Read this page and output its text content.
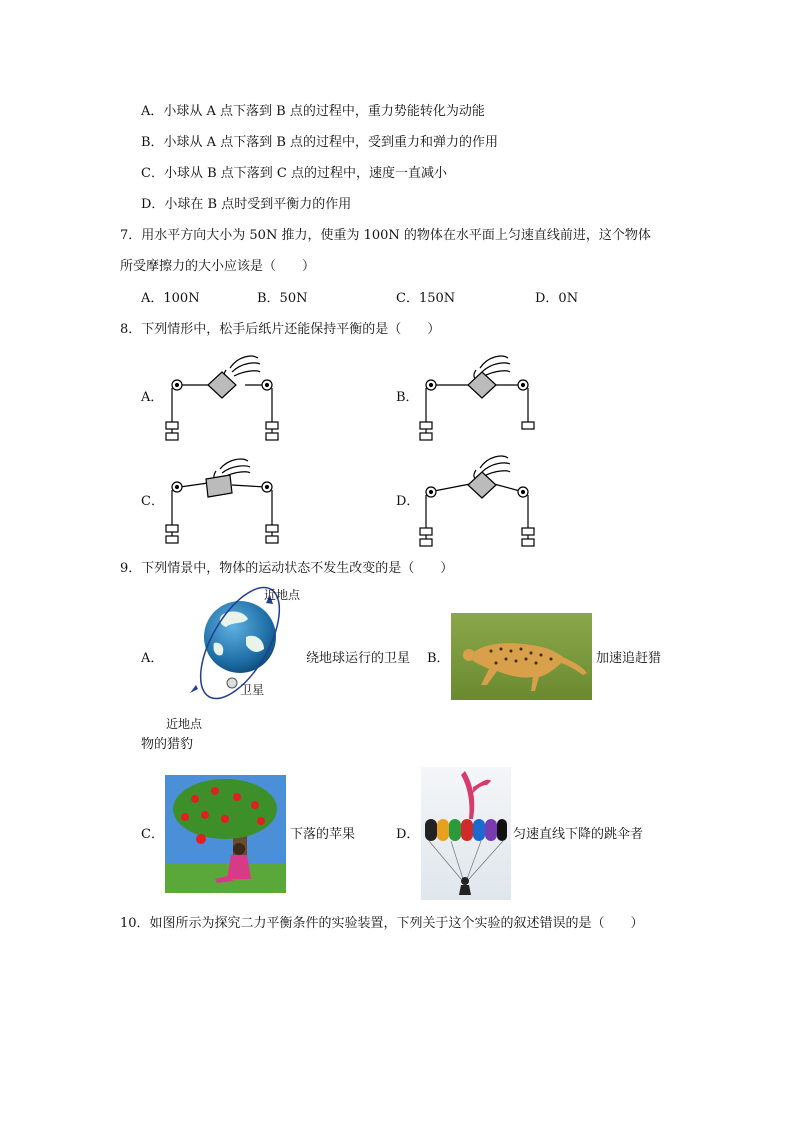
A．小球从 A 点下落到 B 点的过程中，重力势能转化为动能
B．小球从 A 点下落到 B 点的过程中，受到重力和弹力的作用
C．小球从 B 点下落到 C 点的过程中，速度一直减小
D．小球在 B 点时受到平衡力的作用
7．用水平方向大小为 50N 推力，使重为 100N 的物体在水平面上匀速直线前进，这个物体
所受摩擦力的大小应该是（　　）
A．100N	B．50N	C．150N	D．0N
8．下列情形中，松手后纸片还能保持平衡的是（　　）
A．	B．
C．	D．
9．下列情景中，物体的运动状态不发生改变的是（　　）
A．
近地点
卫星
近地点
绕地球运行的卫星 B．	加速追赶猎
物的猎豹
C．	下落的苹果	D．	匀速直线下降的跳伞者
10．如图所示为探究二力平衡条件的实验装置，下列关于这个实验的叙述错误的是（　　）
